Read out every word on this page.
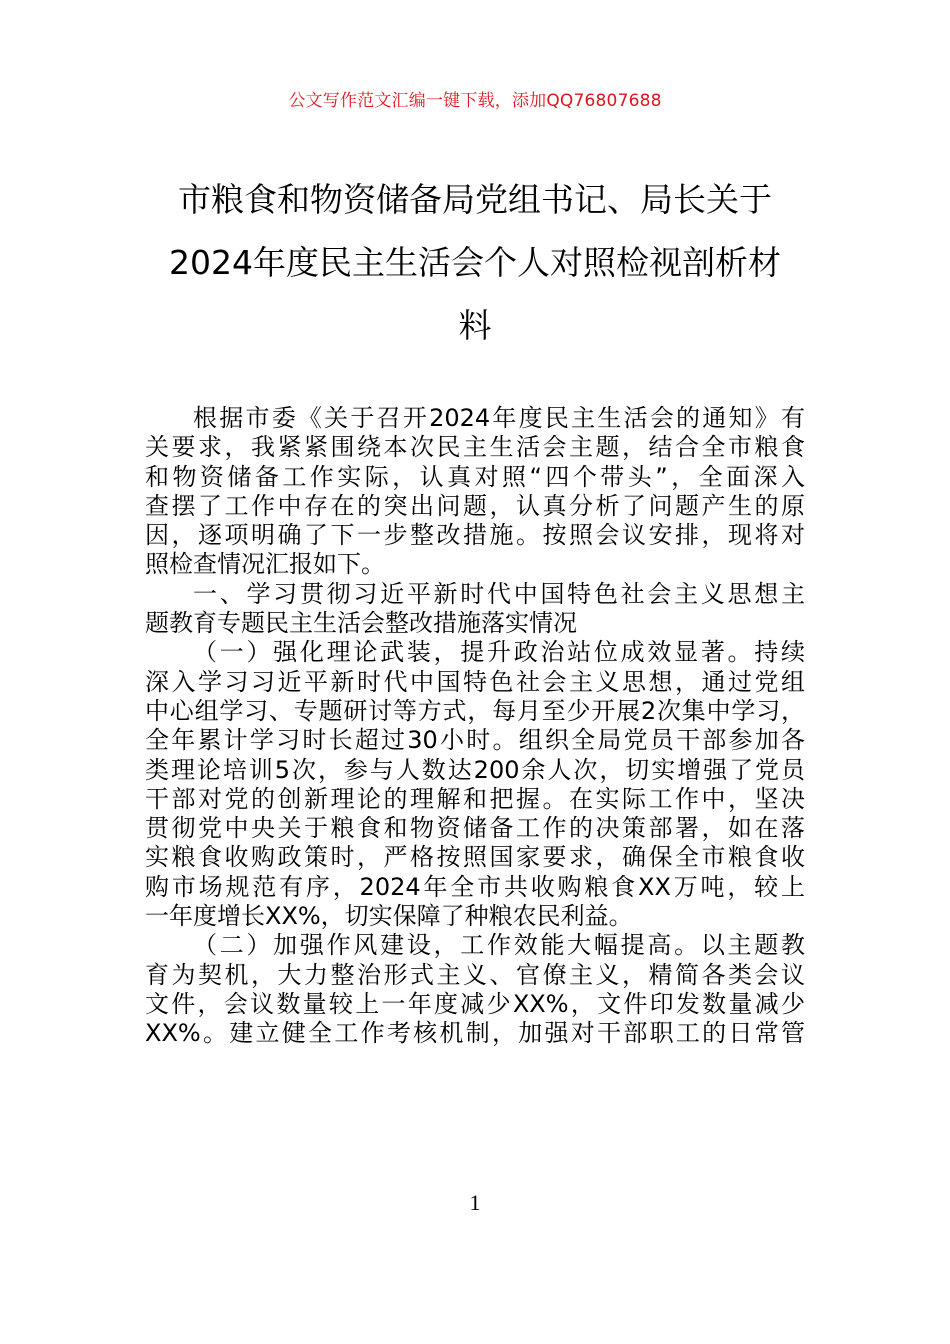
公文写作范文汇编一键下载，添加QQ76807688
市粮食和物资储备局党组书记、局长关于
2024年度民主生活会个人对照检视剖析材
料
根据市委《关于召开2024年度民主生活会的通知》有
关要求，我紧紧围绕本次民主生活会主题，结合全市粮食
和物资储备工作实际，认真对照“四个带头”，全面深入
查摆了工作中存在的突出问题，认真分析了问题产生的原
因，逐项明确了下一步整改措施。按照会议安排，现将对
照检查情况汇报如下。
一、学习贯彻习近平新时代中国特色社会主义思想主
题教育专题民主生活会整改措施落实情况
（一）强化理论武装，提升政治站位成效显著。持续
深入学习习近平新时代中国特色社会主义思想，通过党组
中心组学习、专题研讨等方式，每月至少开展2次集中学习，
全年累计学习时长超过30小时。组织全局党员干部参加各
类理论培训5次，参与人数达200余人次，切实增强了党员
干部对党的创新理论的理解和把握。在实际工作中，坚决
贯彻党中央关于粮食和物资储备工作的决策部署，如在落
实粮食收购政策时，严格按照国家要求，确保全市粮食收
购市场规范有序，2024年全市共收购粮食XX万吨，较上
一年度增长XX%，切实保障了种粮农民利益。
（二）加强作风建设，工作效能大幅提高。以主题教
育为契机，大力整治形式主义、官僚主义，精简各类会议
文件，会议数量较上一年度减少XX%，文件印发数量减少
XX%。建立健全工作考核机制，加强对干部职工的日常管
1
